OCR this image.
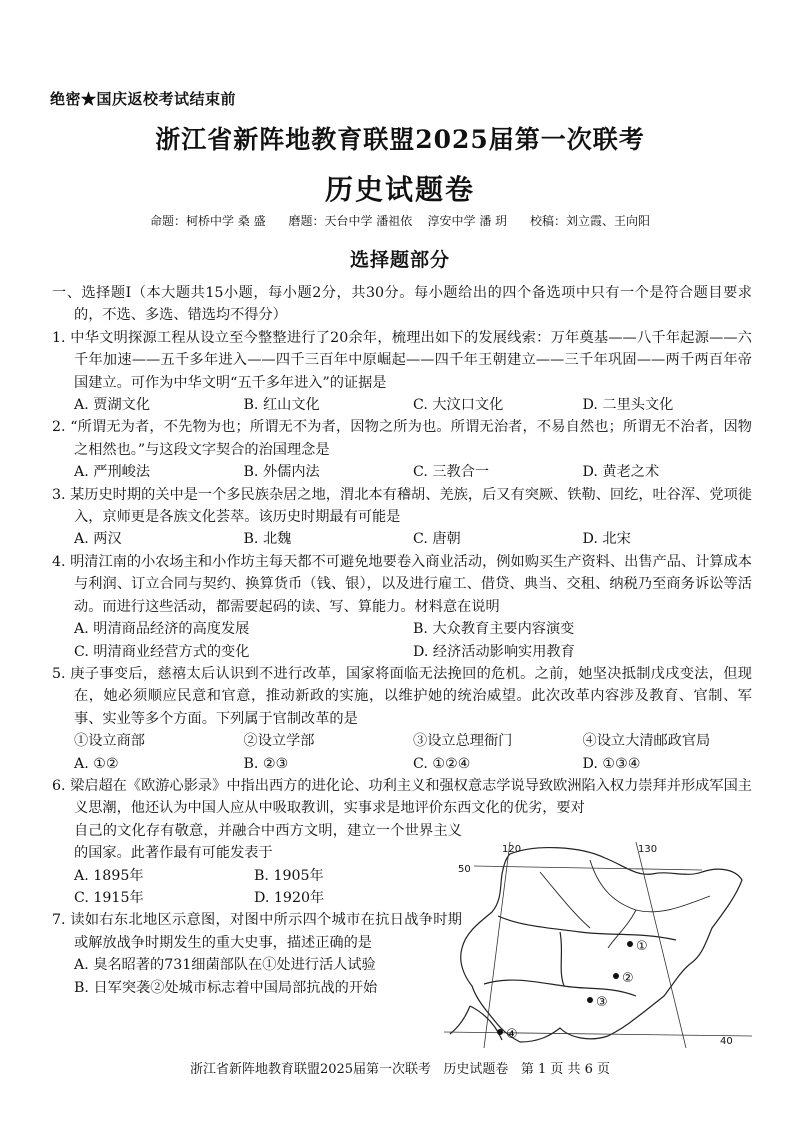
绝密★国庆返校考试结束前
浙江省新阵地教育联盟2025届第一次联考
历史试题卷
命题：柯桥中学 桑 盛      磨题：天台中学 潘祖依    淳安中学 潘 玥      校稿：刘立霞、王向阳
选择题部分

一、选择题Ⅰ（本大题共15小题，每小题2分，共30分。每小题给出的四个备选项中只有一个是符合题目要求的，不选、多选、错选均不得分）

1. 中华文明探源工程从设立至今整整进行了20余年，梳理出如下的发展线索：万年奠基——八千年起源——六千年加速——五千多年进入——四千三百年中原崛起——四千年王朝建立——三千年巩固——两千两百年帝国建立。可作为中华文明“五千多年进入”的证据是

A. 贾湖文化	B. 红山文化	C. 大汶口文化	D. 二里头文化

2. “所谓无为者，不先物为也；所谓无不为者，因物之所为也。所谓无治者，不易自然也；所谓无不治者，因物之相然也。”与这段文字契合的治国理念是

A. 严刑峻法	B. 外儒内法	C. 三教合一	D. 黄老之术

3. 某历史时期的关中是一个多民族杂居之地，渭北本有稽胡、羌族，后又有突厥、铁勒、回纥，吐谷浑、党项徙入，京师更是各族文化荟萃。该历史时期最有可能是

A. 两汉	B. 北魏	C. 唐朝	D. 北宋

4. 明清江南的小农场主和小作坊主每天都不可避免地要卷入商业活动，例如购买生产资料、出售产品、计算成本与利润、订立合同与契约、换算货币（钱、银），以及进行雇工、借贷、典当、交租、纳税乃至商务诉讼等活动。而进行这些活动，都需要起码的读、写、算能力。材料意在说明

A. 明清商品经济的高度发展	B. 大众教育主要内容演变
C. 明清商业经营方式的变化	D. 经济活动影响实用教育

5. 庚子事变后，慈禧太后认识到不进行改革，国家将面临无法挽回的危机。之前，她坚决抵制戊戌变法，但现在，她必须顺应民意和官意，推动新政的实施，以维护她的统治威望。此次改革内容涉及教育、官制、军事、实业等多个方面。下列属于官制改革的是

①设立商部	②设立学部	③设立总理衙门	④设立大清邮政官局
A. ①②	B. ②③	C. ①②④	D. ①③④

6. 梁启超在《欧游心影录》中指出西方的进化论、功利主义和强权意志学说导致欧洲陷入权力崇拜并形成军国主义思潮，他还认为中国人应从中吸取教训，实事求是地评价东西文化的优劣，要对

自己的文化存有敬意，并融合中西方文明，建立一个世界主义的国家。此著作最有可能发表于

A. 1895年	B. 1905年
C. 1915年	D. 1920年

7. 读如右东北地区示意图，对图中所示四个城市在抗日战争时期或解放战争时期发生的重大史事，描述正确的是

A. 臭名昭著的731细菌部队在①处进行活人试验

B. 日军突袭②处城市标志着中国局部抗战的开始

120	130
50
40
①
②
③
④
浙江省新阵地教育联盟2025届第一次联考   历史试题卷   第 1 页 共 6 页
